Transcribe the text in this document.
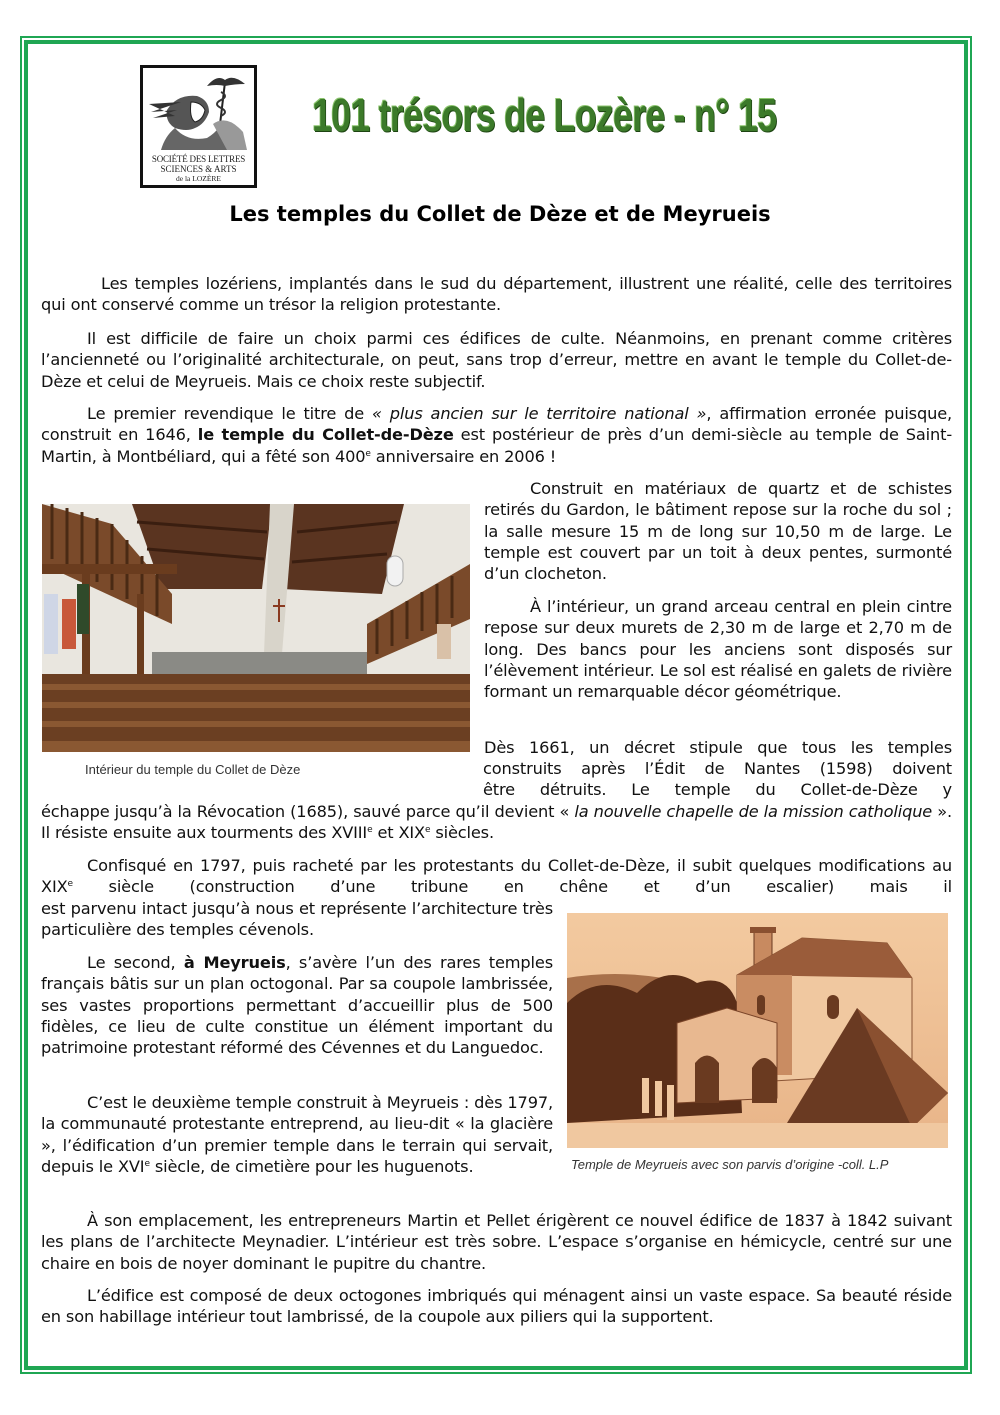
SOCIÉTÉ DES LETTRES
SCIENCES & ARTS
de la LOZÈRE
101 trésors de Lozère - n° 15
Les temples du Collet de Dèze et de Meyrueis
Les temples lozériens, implantés dans le sud du département, illustrent une réalité, celle des territoires qui ont conservé comme un trésor la religion protestante.
Il est difficile de faire un choix parmi ces édifices de culte. Néanmoins, en prenant comme critères l’ancienneté ou l’originalité architecturale, on peut, sans trop d’erreur, mettre en avant le temple du Collet-de-Dèze et celui de Meyrueis. Mais ce choix reste subjectif.
Le premier revendique le titre de « plus ancien sur le territoire national », affirmation erronée puisque, construit en 1646, le temple du Collet-de-Dèze est postérieur de près d’un demi-siècle au temple de Saint-Martin, à Montbéliard, qui a fêté son 400e anniversaire en 2006 !
Intérieur du temple du Collet de Dèze
Construit en matériaux de quartz et de schistes retirés du Gardon, le bâtiment repose sur la roche du sol ; la salle mesure 15 m de long sur 10,50 m de large. Le temple est couvert par un toit à deux pentes, surmonté d’un clocheton.
À l’intérieur, un grand arceau central en plein cintre repose sur deux murets de 2,30 m de large et 2,70 m de long. Des bancs pour les anciens sont disposés sur l’élèvement intérieur. Le sol est réalisé en galets de rivière formant un remarquable décor géométrique.
Dès 1661, un décret stipule que tous les temples
construits après l’Édit de Nantes (1598) doivent
être détruits. Le temple du Collet-de-Dèze y
échappe jusqu’à la Révocation (1685), sauvé parce qu’il devient « la nouvelle chapelle de la mission catholique ». Il résiste ensuite aux tourments des XVIIIe et XIXe siècles.
Confisqué en 1797, puis racheté par les protestants du Collet-de-Dèze, il subit quelques modifications au XIXe siècle (construction d’une tribune en chêne et d’un escalier) mais il
est parvenu intact jusqu’à nous et représente l’architecture très particulière des temples cévenols.
Le second, à Meyrueis, s’avère l’un des rares temples français bâtis sur un plan octogonal. Par sa coupole lambrissée, ses vastes proportions permettant d’accueillir plus de 500 fidèles, ce lieu de culte constitue un élément important du patrimoine protestant réformé des Cévennes et du Languedoc.
C’est le deuxième temple construit à Meyrueis : dès 1797, la communauté protestante entreprend, au lieu-dit « la glacière », l’édification d’un premier temple dans le terrain qui servait, depuis le XVIe siècle, de cimetière pour les huguenots.	Temple de Meyrueis avec son parvis d’origine -coll. L.P
À son emplacement, les entrepreneurs Martin et Pellet érigèrent ce nouvel édifice de 1837 à 1842 suivant les plans de l’architecte Meynadier. L’intérieur est très sobre. L’espace s’organise en hémicycle, centré sur une chaire en bois de noyer dominant le pupitre du chantre.
L’édifice est composé de deux octogones imbriqués qui ménagent ainsi un vaste espace. Sa beauté réside en son habillage intérieur tout lambrissé, de la coupole aux piliers qui la supportent.
